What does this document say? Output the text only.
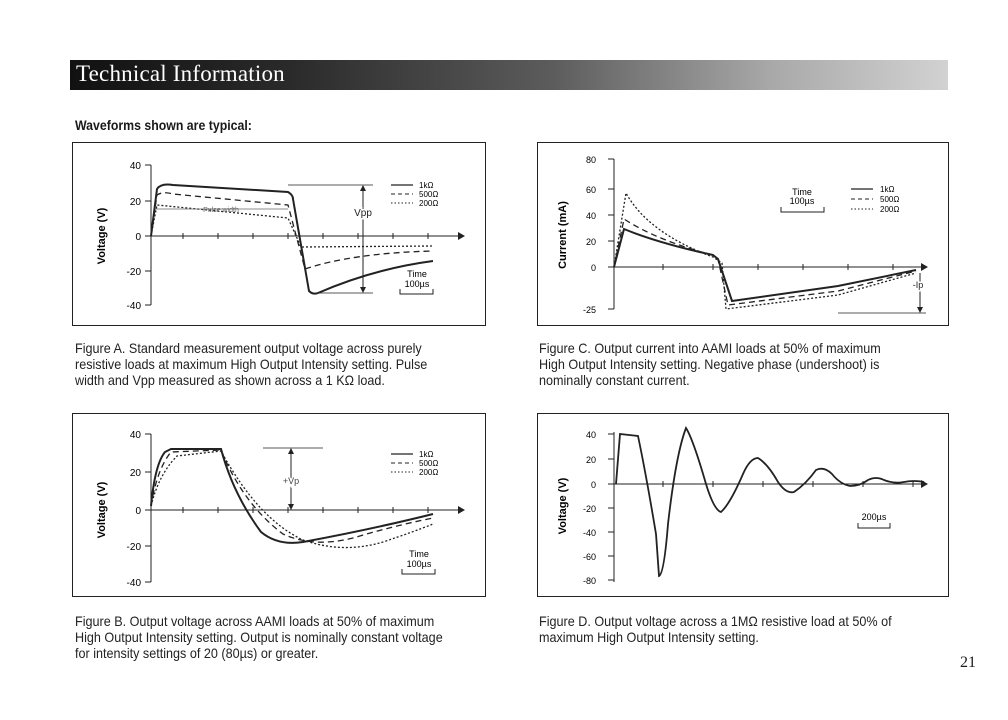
Technical Information
Waveforms shown are typical:
40
20
0
-20
-40
Voltage (V)	Pulse width	Vpp
1kΩ
500Ω
200Ω
Time
100µs
Figure A. Standard measurement output voltage across purely
resistive loads at maximum High Output Intensity setting. Pulse
width and Vpp measured as shown across a 1 KΩ load.
80
60
40
20
0
-25
Current (mA)
-Ip
Time
100µs
1kΩ
500Ω
200Ω
Figure C. Output current into AAMI loads at 50% of maximum
High Output Intensity setting. Negative phase (undershoot) is
nominally constant current.
40
20
0
-20
-40
Voltage (V)
+Vp
1kΩ
500Ω
200Ω
Time
100µs
Figure B. Output voltage across AAMI loads at 50% of maximum
High Output Intensity setting. Output is nominally constant voltage
for intensity settings of 20 (80µs) or greater.
40
20
0
-20
-40
-60
-80
Voltage (V)	200µs
Figure D. Output voltage across a 1MΩ resistive load at 50% of
maximum High Output Intensity setting.
21
